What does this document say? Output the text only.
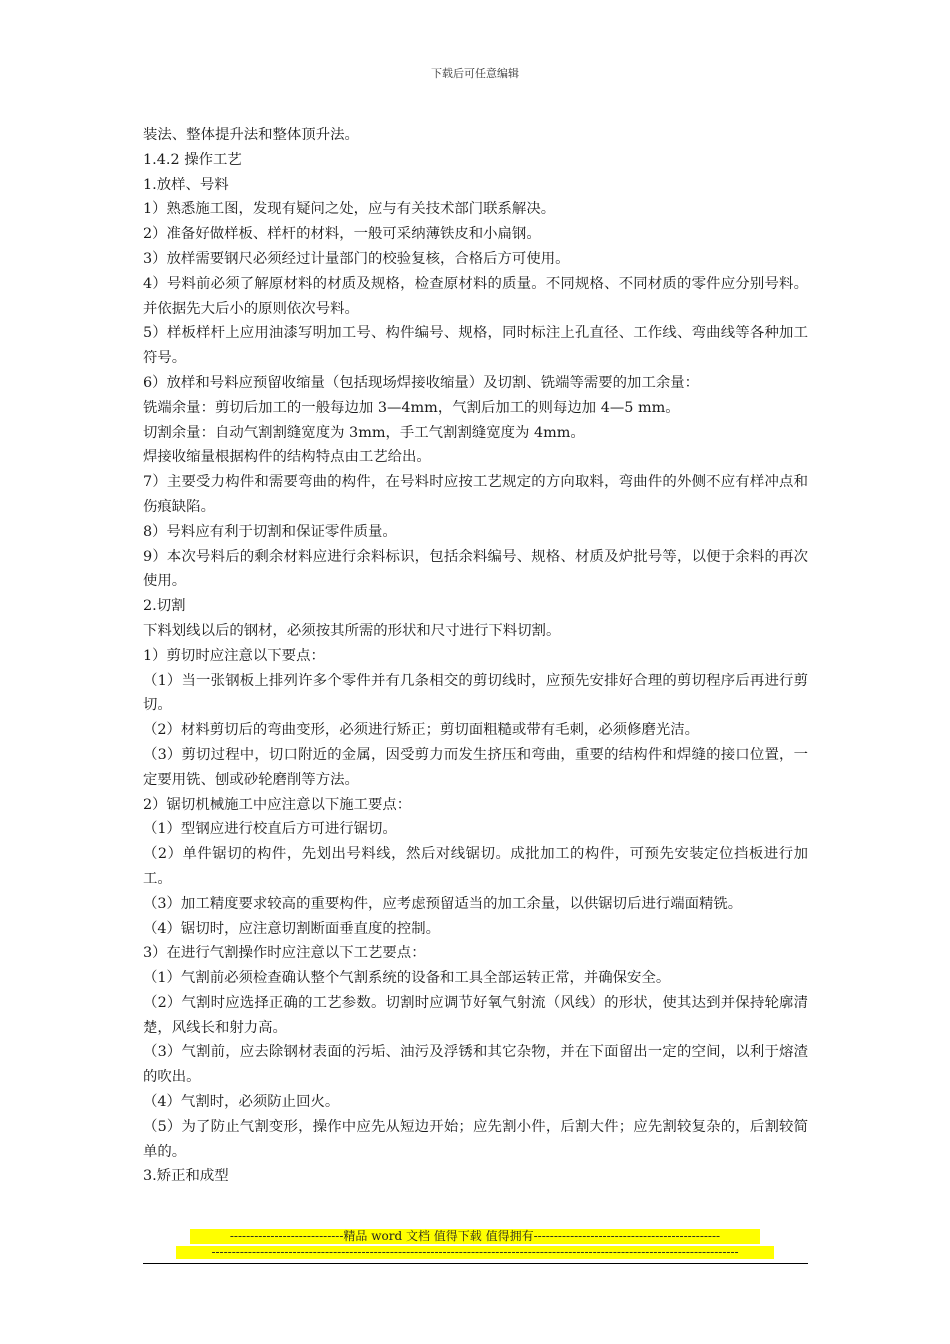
下载后可任意编辑

装法、整体提升法和整体顶升法。

1.4.2 操作工艺

1.放样、号料

1）熟悉施工图，发现有疑问之处，应与有关技术部门联系解决。

2）准备好做样板、样杆的材料，一般可采纳薄铁皮和小扁钢。

3）放样需要钢尺必须经过计量部门的校验复核，合格后方可使用。

4）号料前必须了解原材料的材质及规格，检查原材料的质量。不同规格、不同材质的零件应分别号料。并依据先大后小的原则依次号料。

5）样板样杆上应用油漆写明加工号、构件编号、规格，同时标注上孔直径、工作线、弯曲线等各种加工符号。

6）放样和号料应预留收缩量（包括现场焊接收缩量）及切割、铣端等需要的加工余量：

铣端余量：剪切后加工的一般每边加 3—4mm，气割后加工的则每边加 4—5 mm。

切割余量：自动气割割缝宽度为 3mm，手工气割割缝宽度为 4mm。

焊接收缩量根据构件的结构特点由工艺给出。

7）主要受力构件和需要弯曲的构件，在号料时应按工艺规定的方向取料，弯曲件的外侧不应有样冲点和伤痕缺陷。

8）号料应有利于切割和保证零件质量。

9）本次号料后的剩余材料应进行余料标识，包括余料编号、规格、材质及炉批号等，以便于余料的再次使用。

2.切割

下料划线以后的钢材，必须按其所需的形状和尺寸进行下料切割。

1）剪切时应注意以下要点：

（1）当一张钢板上排列许多个零件并有几条相交的剪切线时，应预先安排好合理的剪切程序后再进行剪切。

（2）材料剪切后的弯曲变形，必须进行矫正；剪切面粗糙或带有毛刺，必须修磨光洁。

（3）剪切过程中，切口附近的金属，因受剪力而发生挤压和弯曲，重要的结构件和焊缝的接口位置，一定要用铣、刨或砂轮磨削等方法。

2）锯切机械施工中应注意以下施工要点：

（1）型钢应进行校直后方可进行锯切。

（2）单件锯切的构件，先划出号料线，然后对线锯切。成批加工的构件，可预先安装定位挡板进行加工。

（3）加工精度要求较高的重要构件，应考虑预留适当的加工余量，以供锯切后进行端面精铣。

（4）锯切时，应注意切割断面垂直度的控制。

3）在进行气割操作时应注意以下工艺要点：

（1）气割前必须检查确认整个气割系统的设备和工具全部运转正常，并确保安全。

（2）气割时应选择正确的工艺参数。切割时应调节好氧气射流（风线）的形状，使其达到并保持轮廓清楚，风线长和射力高。

（3）气割前，应去除钢材表面的污垢、油污及浮锈和其它杂物，并在下面留出一定的空间，以利于熔渣的吹出。

（4）气割时，必须防止回火。

（5）为了防止气割变形，操作中应先从短边开始；应先割小件，后割大件；应先割较复杂的，后割较简单的。

3.矫正和成型

----------------------------精品 word 文档 值得下载 值得拥有----------------------------------------------
----------------------------------------------------------------------------------------------------------------------------------
